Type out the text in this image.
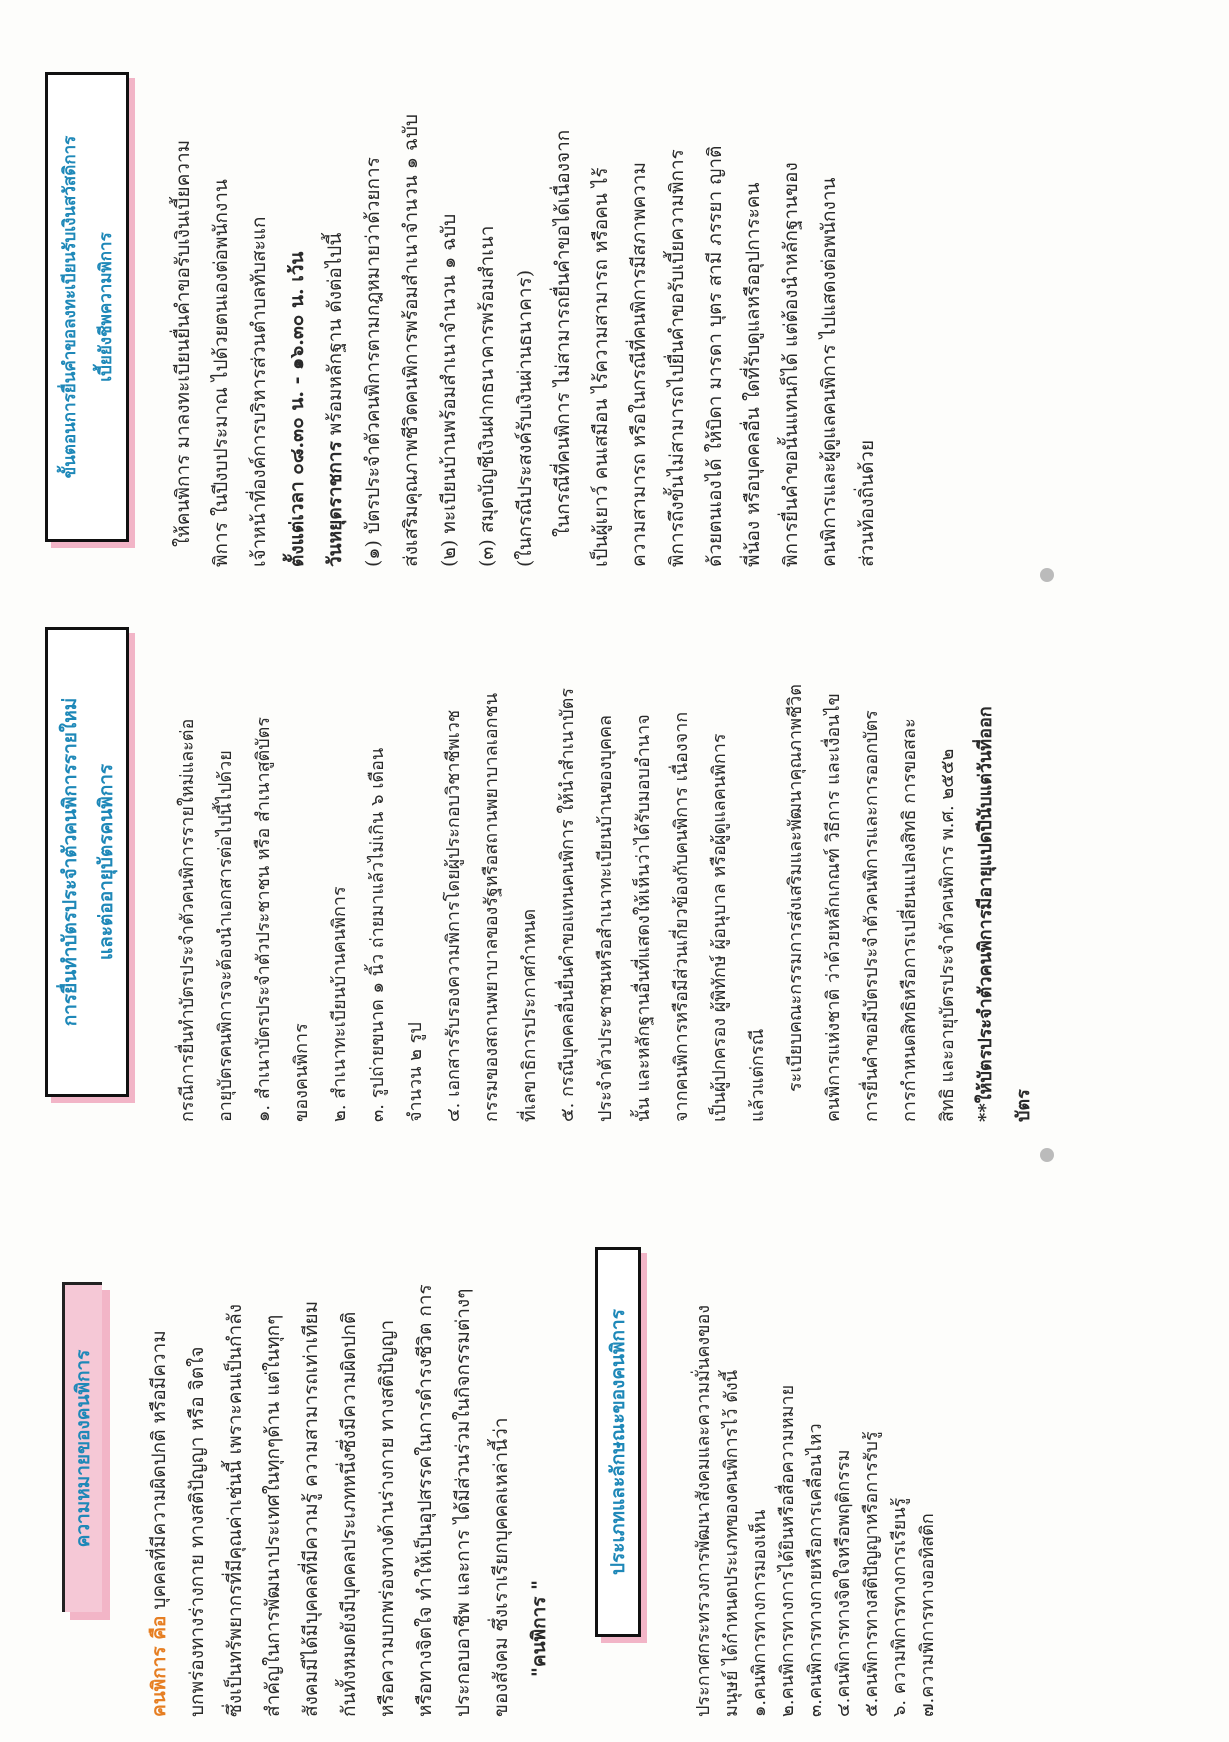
ความหมายของคนพิการ
คนพิการ คือ บุคคลที่มีความผิดปกติ หรือมีความ บกพร่องทางร่างกาย ทางสติปัญญา หรือ จิตใจ ซึ่งเป็นทรัพยากรที่มีคุณค่าเช่นนี้ เพราะคนเป็นกำลัง สำคัญในการพัฒนาประเทศในทุกๆด้าน แต่ในทุกๆ สังคมมีได้มีบุคคลที่มีความรู้ ความสามารถเท่าเทียม กันทั้งหมดยังมีบุคคลประเภทหนึ่งซึ่งมีความผิดปกติ หรือความบกพร่องทางด้านร่างกาย ทางสติปัญญา หรือทางจิตใจ ทำให้เป็นอุปสรรคในการดำรงชีวิต การ ประกอบอาชีพ และการ ได้มีส่วนร่วมในกิจกรรมต่างๆ ของสังคม ซึ่งเราเรียกบุคคลเหล่านี้ว่า "คนพิการ "
ประเภทและลักษณะของคนพิการ	ประกาศกระทรวงการพัฒนาสังคมและความมั่นคงของ มนุษย์ ได้กำหนดประเภทของคนพิการไว้ ดังนี้ ๑.คนพิการทางการมองเห็น ๒.คนพิการทางการได้ยินหรือสื่อความหมาย ๓.คนพิการทางกายหรือการเคลื่อนไหว ๔.คนพิการทางจิตใจหรือพฤติกรรม ๕.คนพิการทางสติปัญญาหรือการรับรู้ ๖. ความพิการทางการเรียนรู้ ๗.ความพิการทางออทิสติก
การยื่นทำบัตรประจำตัวคนพิการรายใหม่ และต่ออายุบัตรคนพิการ	กรณีการยื่นทำบัตรประจำตัวคนพิการรายใหม่และต่อ อายุบัตรคนพิการจะต้องนำเอกสารต่อไปนี้ไปด้วย ๑. สำเนาบัตรประจำตัวประชาชน หรือ สำเนาสูติบัตร ของคนพิการ ๒. สำเนาทะเบียนบ้านคนพิการ ๓. รูปถ่ายขนาด ๑ นิ้ว ถ่ายมาแล้วไม่เกิน ๖ เดือน จำนวน ๒ รูป ๔. เอกสารรับรองความพิการโดยผู้ประกอบวิชาชีพเวช กรรมของสถานพยาบาลของรัฐหรือสถานพยาบาลเอกชน ที่เลขาธิการประกาศกำหนด ๕. กรณีบุคคลอื่นยื่นคำขอแทนคนพิการ ให้นำสำเนาบัตร ประจำตัวประชาชนหรือสำเนาทะเบียนบ้านของบุคคล นั้น และหลักฐานอื่นที่แสดงให้เห็นว่าได้รับมอบอำนาจ จากคนพิการหรือมีส่วนเกี่ยวข้องกับคนพิการ เนื่องจาก เป็นผู้ปกครอง ผู้พิทักษ์ ผู้อนุบาล หรือผู้ดูแลคนพิการ แล้วแต่กรณี ระเบียบคณะกรรมการส่งเสริมและพัฒนาคุณภาพชีวิต คนพิการแห่งชาติ ว่าด้วยหลักเกณฑ์ วิธีการ และเงื่อนไข การยื่นคำขอมีบัตรประจำตัวคนพิการและการออกบัตร การกำหนดสิทธิหรือการเปลี่ยนแปลงสิทธิ การขอสละ สิทธิ และอายุบัตรประจำตัวคนพิการ พ.ศ. ๒๕๕๒ **ให้บัตรประจำตัวคนพิการมีอายุแปดปีนับแต่วันที่ออก บัตร
ขั้นตอนการยื่นคำขอลงทะเบียนรับเงินสวัสดิการ เบี้ยยังชีพความพิการ	ให้คนพิการ มาลงทะเบียนยื่นคำขอรับเงินเบี้ยความ พิการ ในปีงบประมาณ ไปด้วยตนเองต่อพนักงาน เจ้าหน้าที่องค์การบริหารส่วนตำบลทับสะแก ตั้งแต่เวลา ๐๘.๓๐ น. - ๑๖.๓๐ น. เว้น วันหยุดราชการ พร้อมหลักฐาน ดังต่อไปนี้ (๑) บัตรประจำตัวคนพิการตามกฎหมายว่าด้วยการ ส่งเสริมคุณภาพชีวิตคนพิการพร้อมสำเนาจำนวน ๑ ฉบับ (๒) ทะเบียนบ้านพร้อมสำเนาจำนวน ๑ ฉบับ (๓) สมุดบัญชีเงินฝากธนาคารพร้อมสำเนา (ในกรณีประสงค์รับเงินผ่านธนาคาร) ในกรณีที่คนพิการ ไม่สามารถยื่นคำขอได้เนื่องจาก เป็นผู้เยาว์ คนเสมือน ไร้ความสามารถ หรือคน ไร้ ความสามารถ หรือในกรณีที่คนพิการมีสภาพความ พิการถึงขั้นไม่สามารถไปยื่นคำขอรับเบี้ยความพิการ ด้วยตนเองได้ ให้บิดา มารดา บุตร สามี ภรรยา ญาติ พี่น้อง หรือบุคคลอื่น ใดที่รับดูแลหรืออุปการะคน พิการยื่นคำขอนั้นแทนก็ได้ แต่ต้องนำหลักฐานของ คนพิการและผู้ดูแลคนพิการ ไปแสดงต่อพนักงาน ส่วนท้องถิ่นด้วย
